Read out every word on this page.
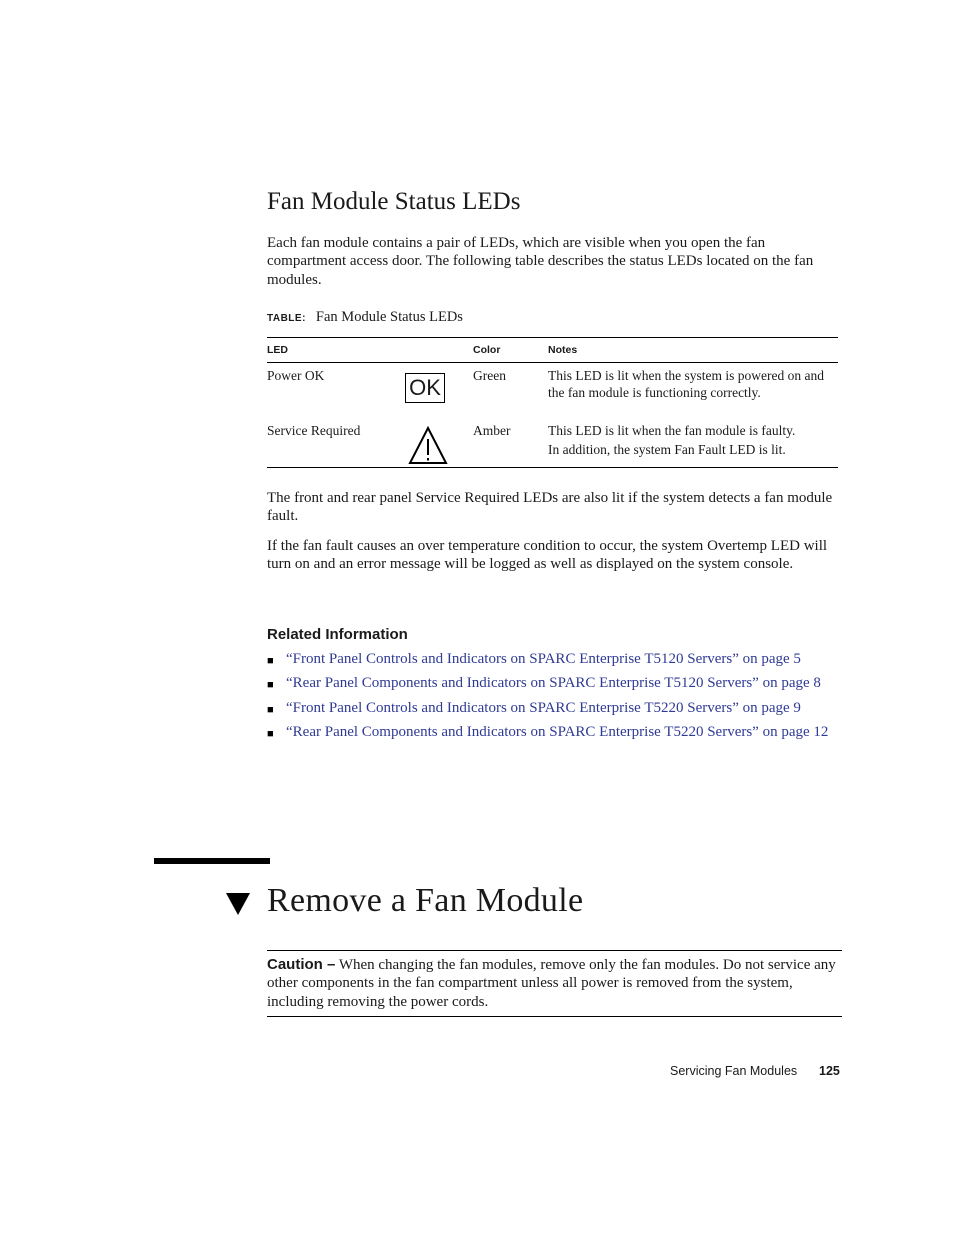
Fan Module Status LEDs

Each fan module contains a pair of LEDs, which are visible when you open the fan compartment access door. The following table describes the status LEDs located on the fan modules.

TABLE: Fan Module Status LEDs
LED	Color	Notes
Power OK	OK	Green	This LED is lit when the system is powered on and the fan module is functioning correctly.
Service Required	Amber	This LED is lit when the fan module is faulty.
In addition, the system Fan Fault LED is lit.

The front and rear panel Service Required LEDs are also lit if the system detects a fan module fault.

If the fan fault causes an over temperature condition to occur, the system Overtemp LED will turn on and an error message will be logged as well as displayed on the system console.

Related Information
■ “Front Panel Controls and Indicators on SPARC Enterprise T5120 Servers” on page 5
■ “Rear Panel Components and Indicators on SPARC Enterprise T5120 Servers” on page 8
■ “Front Panel Controls and Indicators on SPARC Enterprise T5220 Servers” on page 9
■ “Rear Panel Components and Indicators on SPARC Enterprise T5220 Servers” on page 12
Remove a Fan Module

Caution – When changing the fan modules, remove only the fan modules. Do not service any other components in the fan compartment unless all power is removed from the system, including removing the power cords.

Servicing Fan Modules 125
